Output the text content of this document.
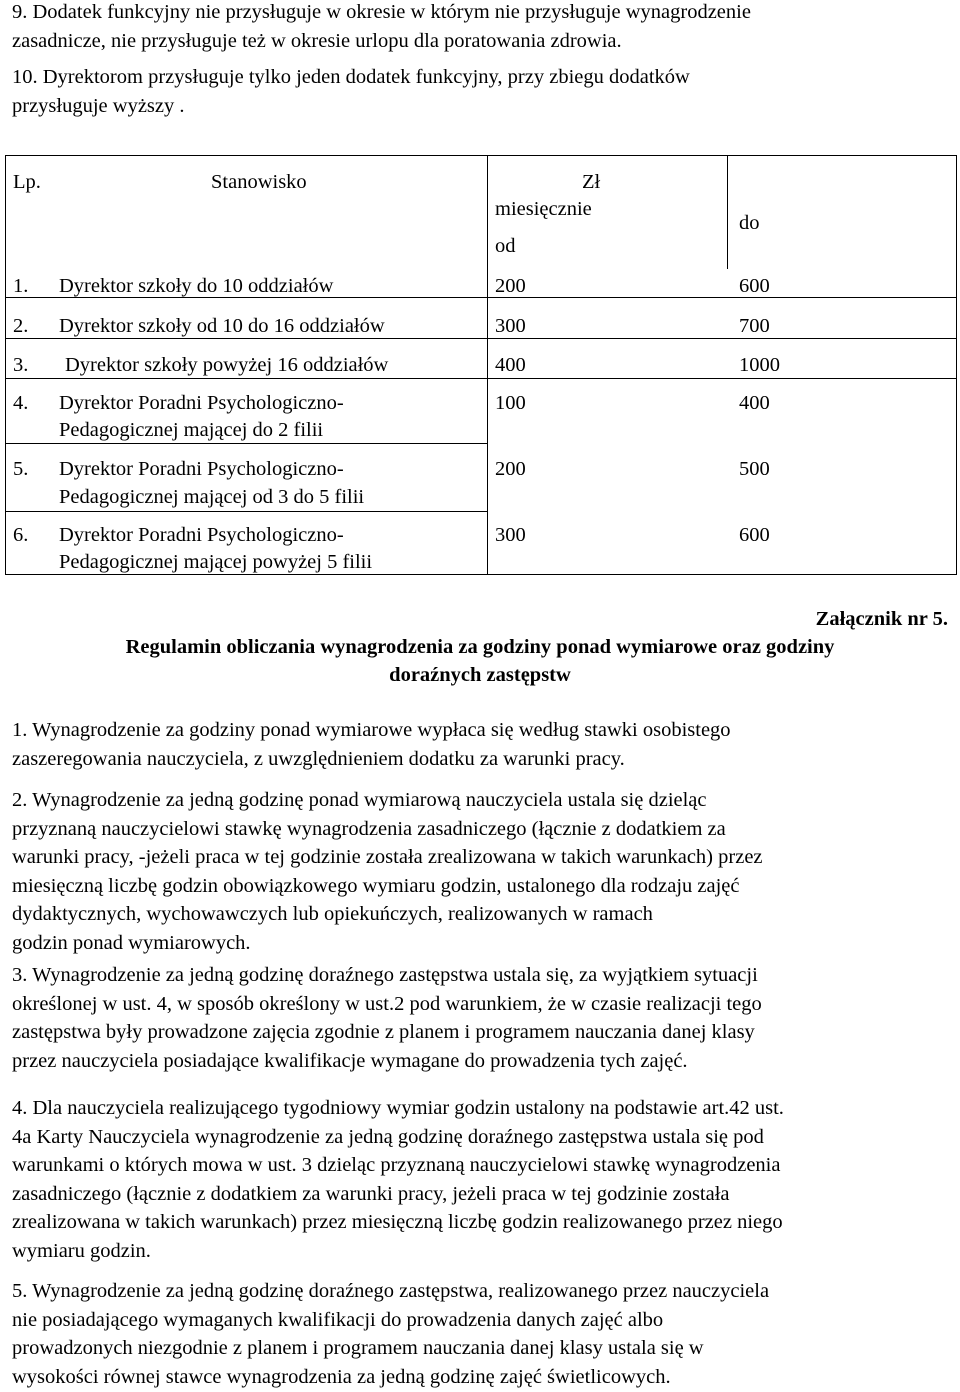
9. Dodatek funkcyjny nie przysługuje w okresie w którym nie przysługuje wynagrodzenie
zasadnicze, nie przysługuje też w okresie urlopu dla poratowania zdrowia.
10. Dyrektorom przysługuje tylko jeden dodatek funkcyjny, przy zbiegu dodatków
przysługuje wyższy .
Lp.	Stanowisko	Zł
miesięcznie
od
do
1. Dyrektor szkoły do 10 oddziałów	200	600
2. Dyrektor szkoły od 10 do 16 oddziałów	300	700
3. Dyrektor szkoły powyżej 16 oddziałów	400	1000
4. Dyrektor Poradni Psychologiczno-
Pedagogicznej mającej do 2 filii
100	400
5. Dyrektor Poradni Psychologiczno-
Pedagogicznej mającej od 3 do 5 filii
200	500
6. Dyrektor Poradni Psychologiczno-
Pedagogicznej mającej powyżej 5 filii
300	600
Załącznik nr 5.
Regulamin obliczania wynagrodzenia za godziny ponad wymiarowe oraz godziny
doraźnych zastępstw
1. Wynagrodzenie za godziny ponad wymiarowe wypłaca się według stawki osobistego
zaszeregowania nauczyciela, z uwzględnieniem dodatku za warunki pracy.
2. Wynagrodzenie za jedną godzinę ponad wymiarową nauczyciela ustala się dzieląc
przyznaną nauczycielowi stawkę wynagrodzenia zasadniczego (łącznie z dodatkiem za
warunki pracy, -jeżeli praca w tej godzinie została zrealizowana w takich warunkach) przez
miesięczną liczbę godzin obowiązkowego wymiaru godzin, ustalonego dla rodzaju zajęć
dydaktycznych, wychowawczych lub opiekuńczych, realizowanych w ramach
godzin ponad wymiarowych.
3. Wynagrodzenie za jedną godzinę doraźnego zastępstwa ustala się, za wyjątkiem sytuacji
określonej w ust. 4, w sposób określony w ust.2 pod warunkiem, że w czasie realizacji tego
zastępstwa były prowadzone zajęcia zgodnie z planem i programem nauczania danej klasy
przez nauczyciela posiadające kwalifikacje wymagane do prowadzenia tych zajęć.
4. Dla nauczyciela realizującego tygodniowy wymiar godzin ustalony na podstawie art.42 ust.
4a Karty Nauczyciela wynagrodzenie za jedną godzinę doraźnego zastępstwa ustala się pod
warunkami o których mowa w ust. 3 dzieląc przyznaną nauczycielowi stawkę wynagrodzenia
zasadniczego (łącznie z dodatkiem za warunki pracy, jeżeli praca w tej godzinie została
zrealizowana w takich warunkach) przez miesięczną liczbę godzin realizowanego przez niego
wymiaru godzin.
5. Wynagrodzenie za jedną godzinę doraźnego zastępstwa, realizowanego przez nauczyciela
nie posiadającego wymaganych kwalifikacji do prowadzenia danych zajęć albo
prowadzonych niezgodnie z planem i programem nauczania danej klasy ustala się w
wysokości równej stawce wynagrodzenia za jedną godzinę zajęć świetlicowych.
